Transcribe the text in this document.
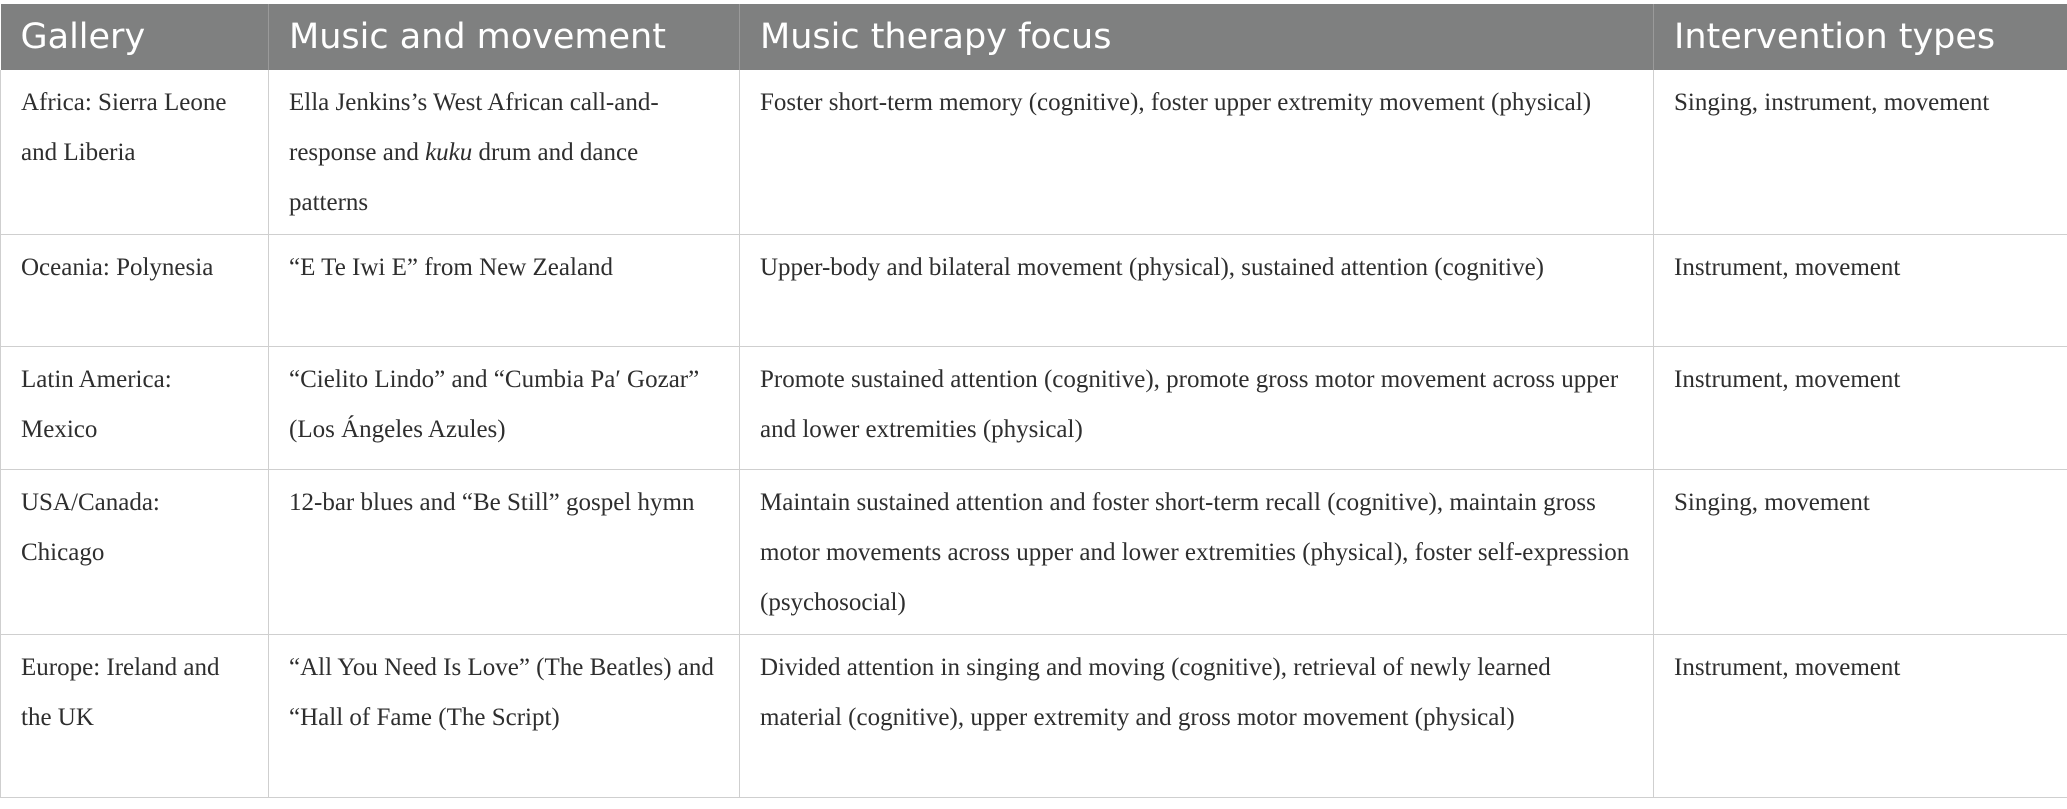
Gallery	Music and movement	Music therapy focus	Intervention types
Africa: Sierra Leone and Liberia	Ella Jenkins’s West African call-and-response and kuku drum and dance patterns	Foster short-term memory (cognitive), foster upper extremity movement (physical)	Singing, instrument, movement
Oceania: Polynesia	“E Te Iwi E” from New Zealand	Upper-body and bilateral movement (physical), sustained attention (cognitive)	Instrument, movement
Latin America: Mexico	“Cielito Lindo” and “Cumbia Pa′ Gozar” (Los Ángeles Azules)	Promote sustained attention (cognitive), promote gross motor movement across upper and lower extremities (physical)	Instrument, movement
USA/Canada: Chicago	12-bar blues and “Be Still” gospel hymn	Maintain sustained attention and foster short-term recall (cognitive), maintain gross motor movements across upper and lower extremities (physical), foster self-expression (psychosocial)	Singing, movement
Europe: Ireland and the UK	“All You Need Is Love” (The Beatles) and “Hall of Fame (The Script)	Divided attention in singing and moving (cognitive), retrieval of newly learned material (cognitive), upper extremity and gross motor movement (physical)	Instrument, movement
